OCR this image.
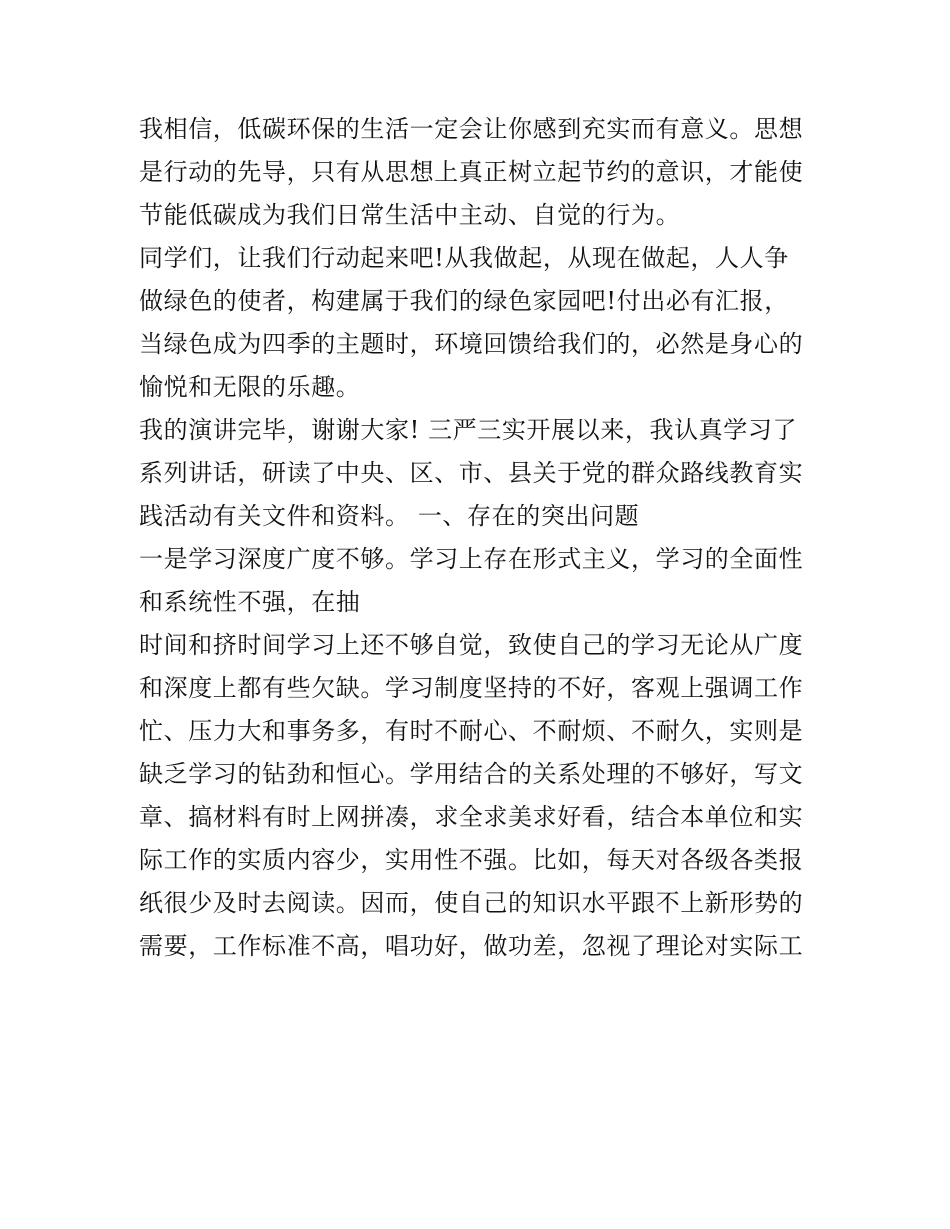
我相信，低碳环保的生活一定会让你感到充实而有意义。思想
是行动的先导，只有从思想上真正树立起节约的意识，才能使
节能低碳成为我们日常生活中主动、自觉的行为。
同学们，让我们行动起来吧!从我做起，从现在做起，人人争
做绿色的使者，构建属于我们的绿色家园吧!付出必有汇报，
当绿色成为四季的主题时，环境回馈给我们的，必然是身心的
愉悦和无限的乐趣。
我的演讲完毕，谢谢大家! 三严三实开展以来，我认真学习了
系列讲话，研读了中央、区、市、县关于党的群众路线教育实
践活动有关文件和资料。 一、存在的突出问题
一是学习深度广度不够。学习上存在形式主义，学习的全面性
和系统性不强，在抽
时间和挤时间学习上还不够自觉，致使自己的学习无论从广度
和深度上都有些欠缺。学习制度坚持的不好，客观上强调工作
忙、压力大和事务多，有时不耐心、不耐烦、不耐久，实则是
缺乏学习的钻劲和恒心。学用结合的关系处理的不够好，写文
章、搞材料有时上网拼凑，求全求美求好看，结合本单位和实
际工作的实质内容少，实用性不强。比如，每天对各级各类报
纸很少及时去阅读。因而，使自己的知识水平跟不上新形势的
需要，工作标准不高，唱功好，做功差，忽视了理论对实际工
